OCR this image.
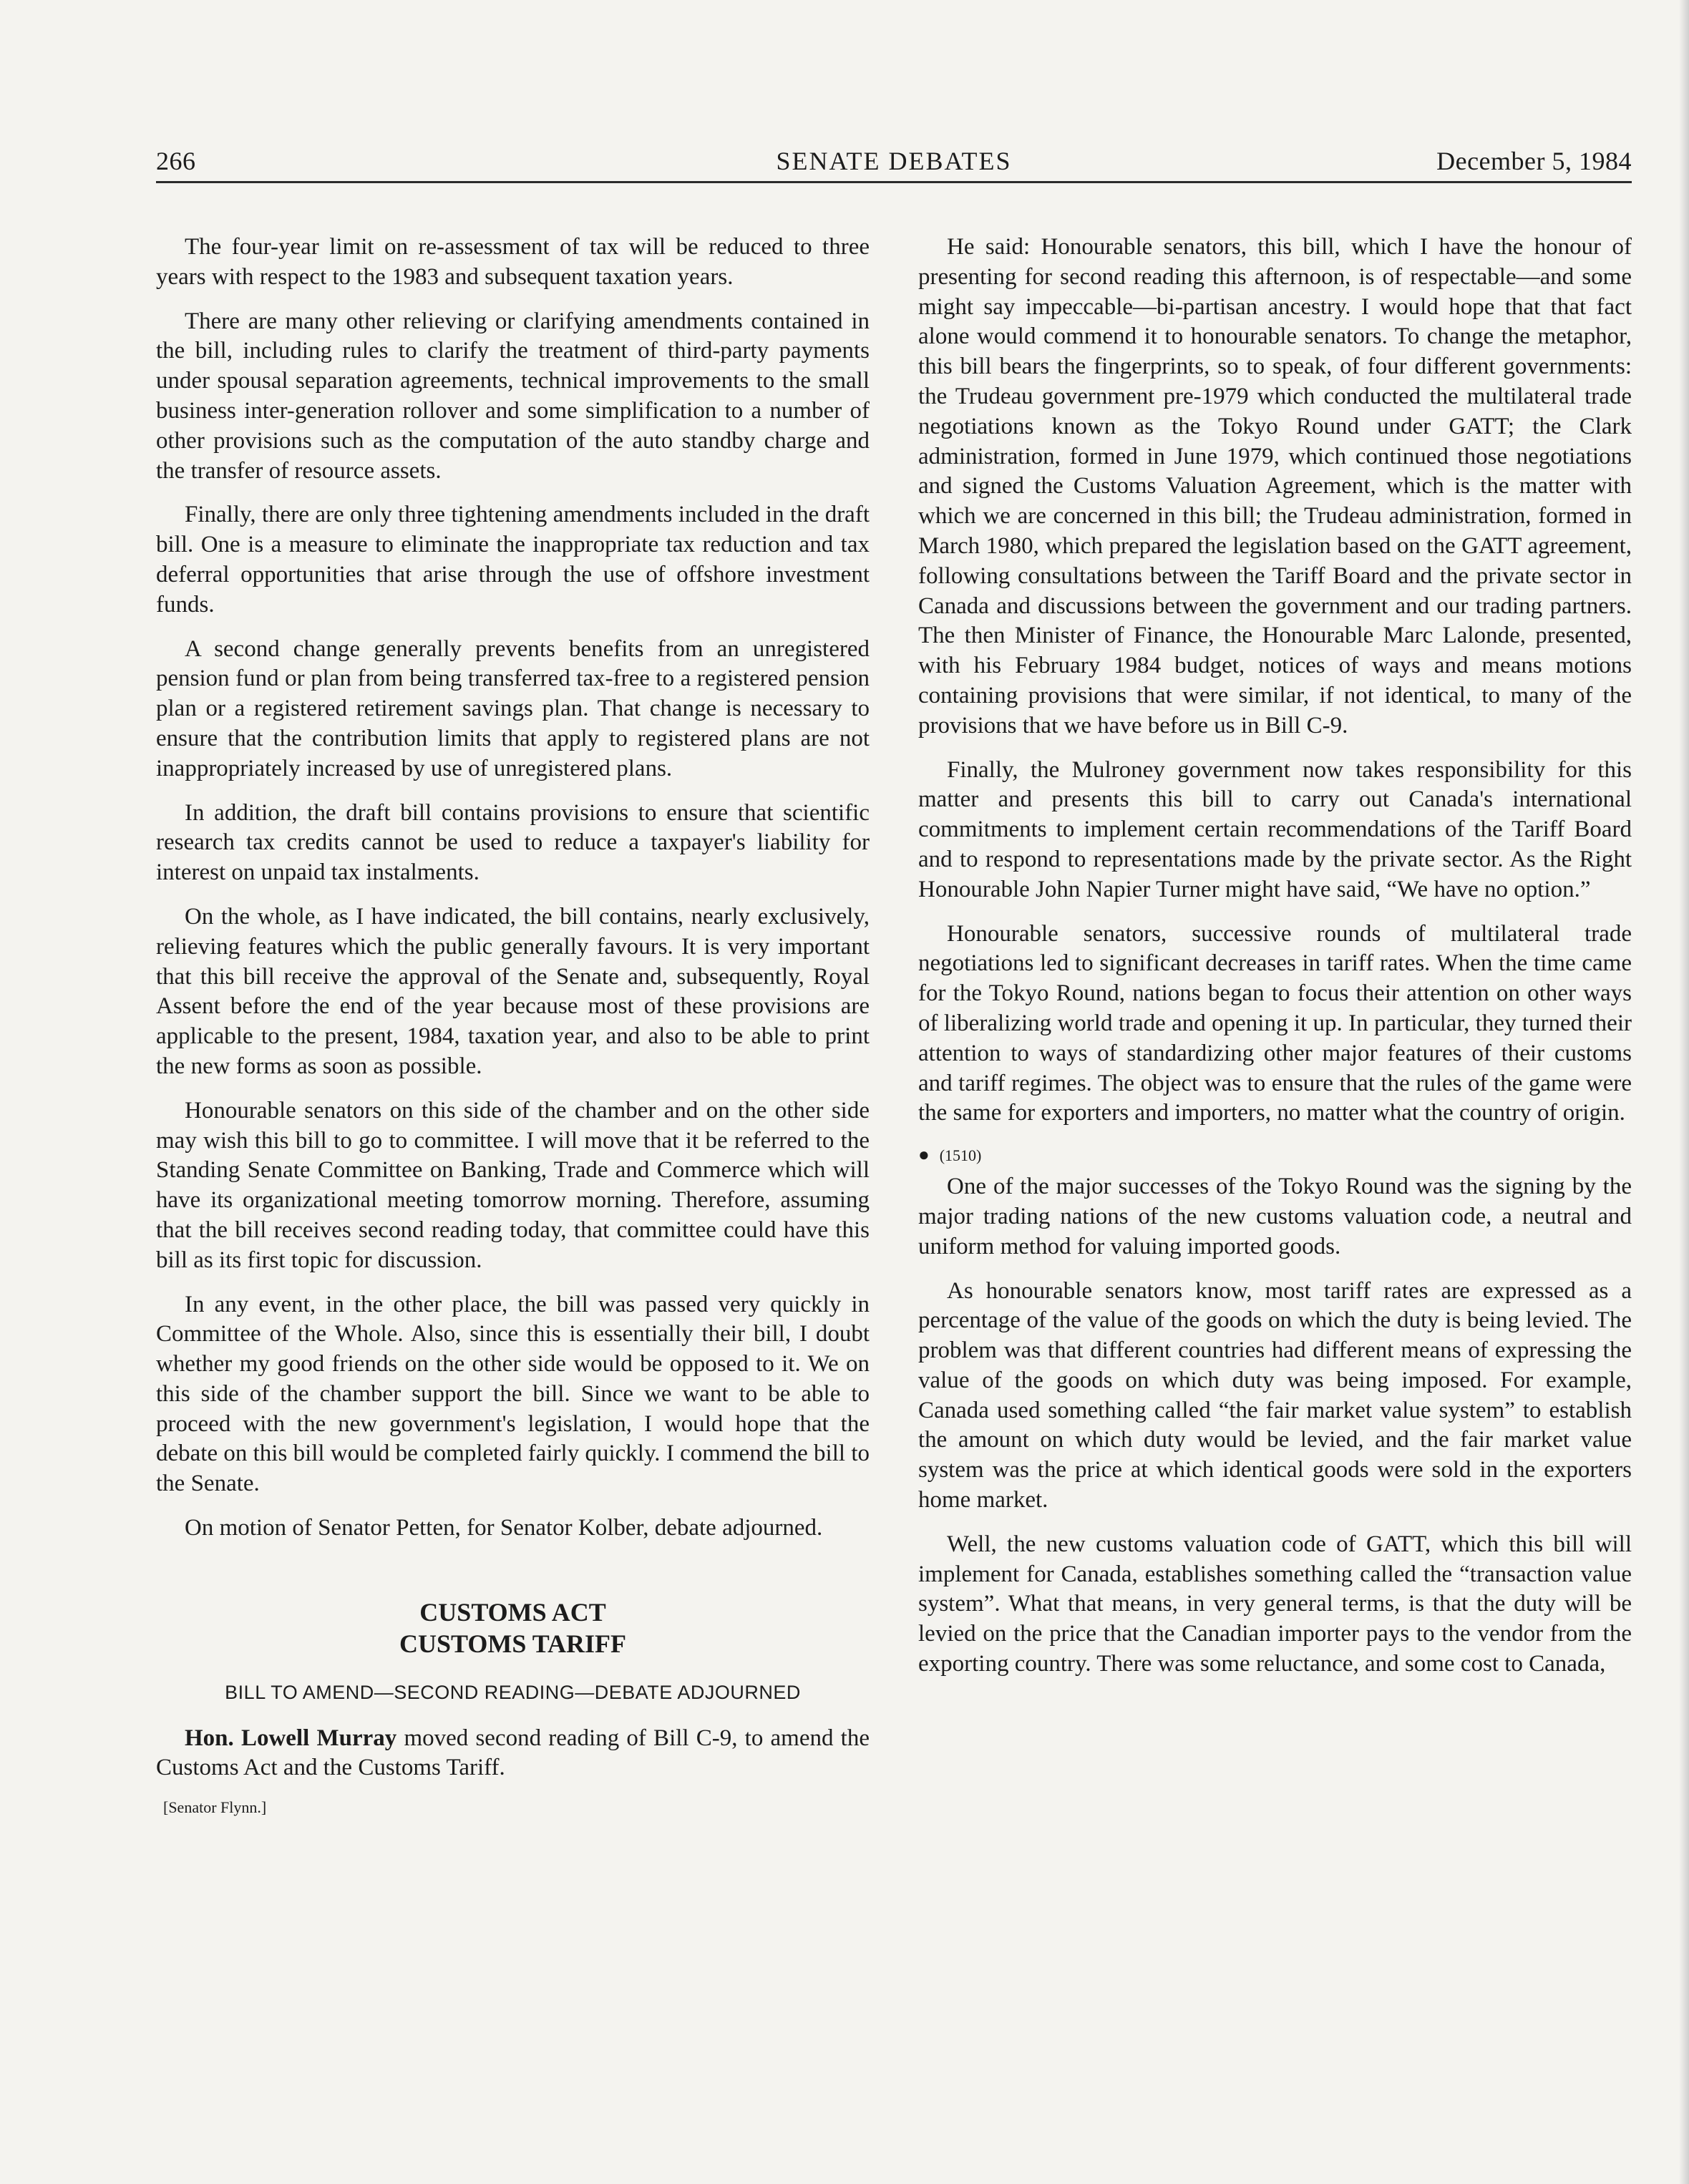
SENATE DEBATES
266	December 5, 1984

The four-year limit on re-assessment of tax will be reduced to three years with respect to the 1983 and subsequent taxation years.

There are many other relieving or clarifying amendments contained in the bill, including rules to clarify the treatment of third-party payments under spousal separation agreements, technical improvements to the small business inter-generation rollover and some simplification to a number of other provisions such as the computation of the auto standby charge and the transfer of resource assets.

Finally, there are only three tightening amendments included in the draft bill. One is a measure to eliminate the inappropriate tax reduction and tax deferral opportunities that arise through the use of offshore investment funds.

A second change generally prevents benefits from an unregistered pension fund or plan from being transferred tax-free to a registered pension plan or a registered retirement savings plan. That change is necessary to ensure that the contribution limits that apply to registered plans are not inappropriately increased by use of unregistered plans.

In addition, the draft bill contains provisions to ensure that scientific research tax credits cannot be used to reduce a taxpayer's liability for interest on unpaid tax instalments.

On the whole, as I have indicated, the bill contains, nearly exclusively, relieving features which the public generally favours. It is very important that this bill receive the approval of the Senate and, subsequently, Royal Assent before the end of the year because most of these provisions are applicable to the present, 1984, taxation year, and also to be able to print the new forms as soon as possible.

Honourable senators on this side of the chamber and on the other side may wish this bill to go to committee. I will move that it be referred to the Standing Senate Committee on Banking, Trade and Commerce which will have its organizational meeting tomorrow morning. Therefore, assuming that the bill receives second reading today, that committee could have this bill as its first topic for discussion.

In any event, in the other place, the bill was passed very quickly in Committee of the Whole. Also, since this is essentially their bill, I doubt whether my good friends on the other side would be opposed to it. We on this side of the chamber support the bill. Since we want to be able to proceed with the new government's legislation, I would hope that the debate on this bill would be completed fairly quickly. I commend the bill to the Senate.

On motion of Senator Petten, for Senator Kolber, debate adjourned.

CUSTOMS ACT
CUSTOMS TARIFF
BILL TO AMEND—SECOND READING—DEBATE ADJOURNED

Hon. Lowell Murray moved second reading of Bill C-9, to amend the Customs Act and the Customs Tariff.

[Senator Flynn.]

He said: Honourable senators, this bill, which I have the honour of presenting for second reading this afternoon, is of respectable—and some might say impeccable—bi-partisan ancestry. I would hope that that fact alone would commend it to honourable senators. To change the metaphor, this bill bears the fingerprints, so to speak, of four different governments: the Trudeau government pre-1979 which conducted the multilateral trade negotiations known as the Tokyo Round under GATT; the Clark administration, formed in June 1979, which continued those negotiations and signed the Customs Valuation Agreement, which is the matter with which we are concerned in this bill; the Trudeau administration, formed in March 1980, which prepared the legislation based on the GATT agreement, following consultations between the Tariff Board and the private sector in Canada and discussions between the government and our trading partners. The then Minister of Finance, the Honourable Marc Lalonde, presented, with his February 1984 budget, notices of ways and means motions containing provisions that were similar, if not identical, to many of the provisions that we have before us in Bill C-9.

Finally, the Mulroney government now takes responsibility for this matter and presents this bill to carry out Canada's international commitments to implement certain recommendations of the Tariff Board and to respond to representations made by the private sector. As the Right Honourable John Napier Turner might have said, “We have no option.”

Honourable senators, successive rounds of multilateral trade negotiations led to significant decreases in tariff rates. When the time came for the Tokyo Round, nations began to focus their attention on other ways of liberalizing world trade and opening it up. In particular, they turned their attention to ways of standardizing other major features of their customs and tariff regimes. The object was to ensure that the rules of the game were the same for exporters and importers, no matter what the country of origin.

● (1510)

One of the major successes of the Tokyo Round was the signing by the major trading nations of the new customs valuation code, a neutral and uniform method for valuing imported goods.

As honourable senators know, most tariff rates are expressed as a percentage of the value of the goods on which the duty is being levied. The problem was that different countries had different means of expressing the value of the goods on which duty was being imposed. For example, Canada used something called “the fair market value system” to establish the amount on which duty would be levied, and the fair market value system was the price at which identical goods were sold in the exporters home market.

Well, the new customs valuation code of GATT, which this bill will implement for Canada, establishes something called the “transaction value system”. What that means, in very general terms, is that the duty will be levied on the price that the Canadian importer pays to the vendor from the exporting country. There was some reluctance, and some cost to Canada,
